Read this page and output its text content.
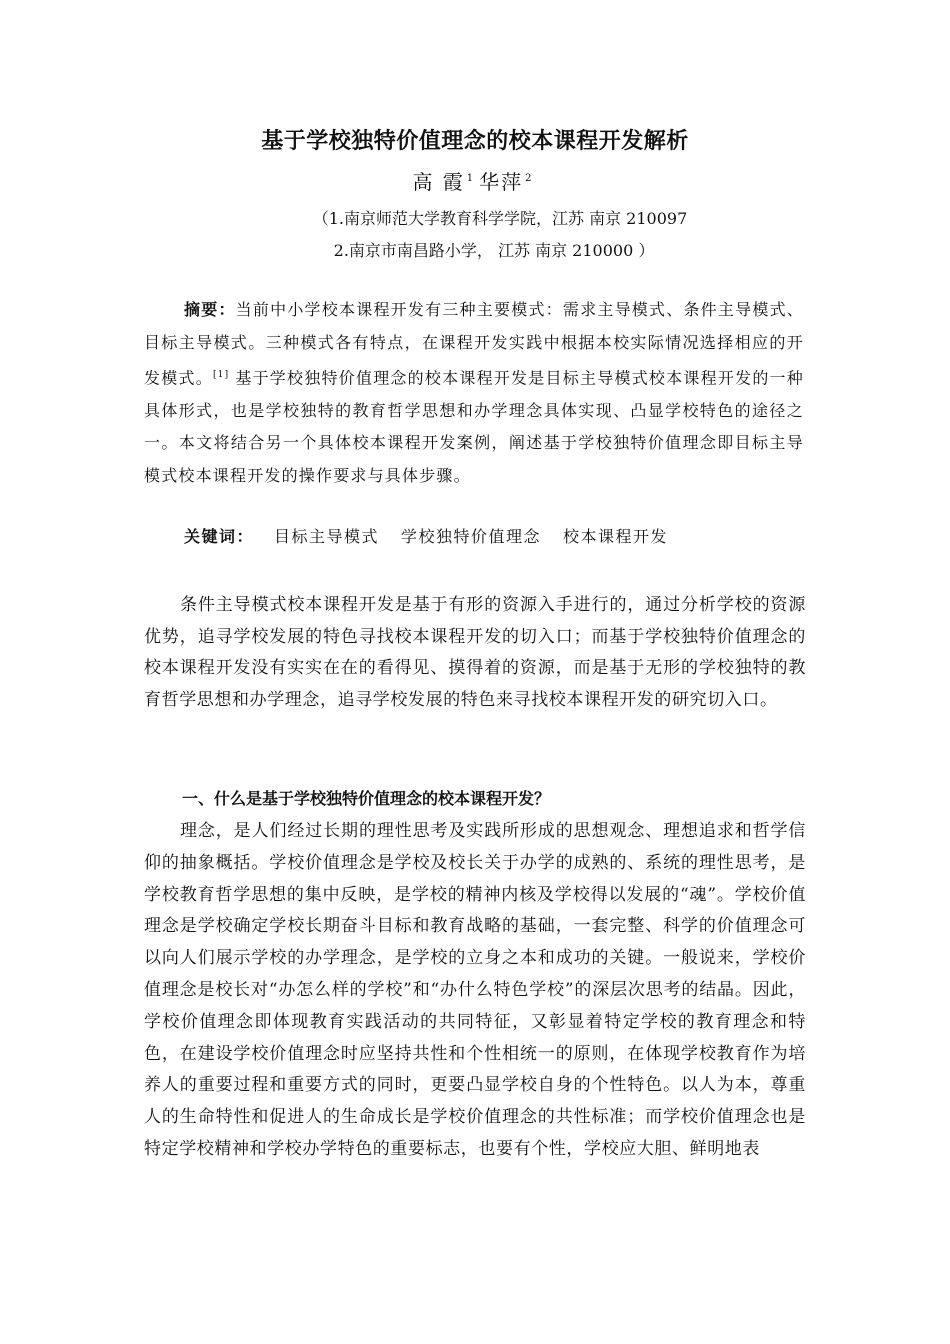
基于学校独特价值理念的校本课程开发解析
高 霞 $^1$ 华萍 $^2$
（1.南京师范大学教育科学学院，江苏 南京 210097
2.南京市南昌路小学， 江苏 南京 210000 ）
摘要：当前中小学校本课程开发有三种主要模式：需求主导模式、条件主导模式、目标主导模式。三种模式各有特点，在课程开发实践中根据本校实际情况选择相应的开发模式。[1] 基于学校独特价值理念的校本课程开发是目标主导模式校本课程开发的一种具体形式，也是学校独特的教育哲学思想和办学理念具体实现、凸显学校特色的途径之一。本文将结合另一个具体校本课程开发案例，阐述基于学校独特价值理念即目标主导模式校本课程开发的操作要求与具体步骤。
关键词： 目标主导模式 学校独特价值理念 校本课程开发
条件主导模式校本课程开发是基于有形的资源入手进行的，通过分析学校的资源优势，追寻学校发展的特色寻找校本课程开发的切入口；而基于学校独特价值理念的校本课程开发没有实实在在的看得见、摸得着的资源，而是基于无形的学校独特的教育哲学思想和办学理念，追寻学校发展的特色来寻找校本课程开发的研究切入口。
一、什么是基于学校独特价值理念的校本课程开发？
理念，是人们经过长期的理性思考及实践所形成的思想观念、理想追求和哲学信仰的抽象概括。学校价值理念是学校及校长关于办学的成熟的、系统的理性思考，是学校教育哲学思想的集中反映，是学校的精神内核及学校得以发展的“魂”。学校价值理念是学校确定学校长期奋斗目标和教育战略的基础，一套完整、科学的价值理念可以向人们展示学校的办学理念，是学校的立身之本和成功的关键。一般说来，学校价值理念是校长对“办怎么样的学校”和“办什么特色学校”的深层次思考的结晶。因此，学校价值理念即体现教育实践活动的共同特征，又彰显着特定学校的教育理念和特色，在建设学校价值理念时应坚持共性和个性相统一的原则，在体现学校教育作为培养人的重要过程和重要方式的同时，更要凸显学校自身的个性特色。以人为本，尊重人的生命特性和促进人的生命成长是学校价值理念的共性标准；而学校价值理念也是特定学校精神和学校办学特色的重要标志，也要有个性，学校应大胆、鲜明地表
